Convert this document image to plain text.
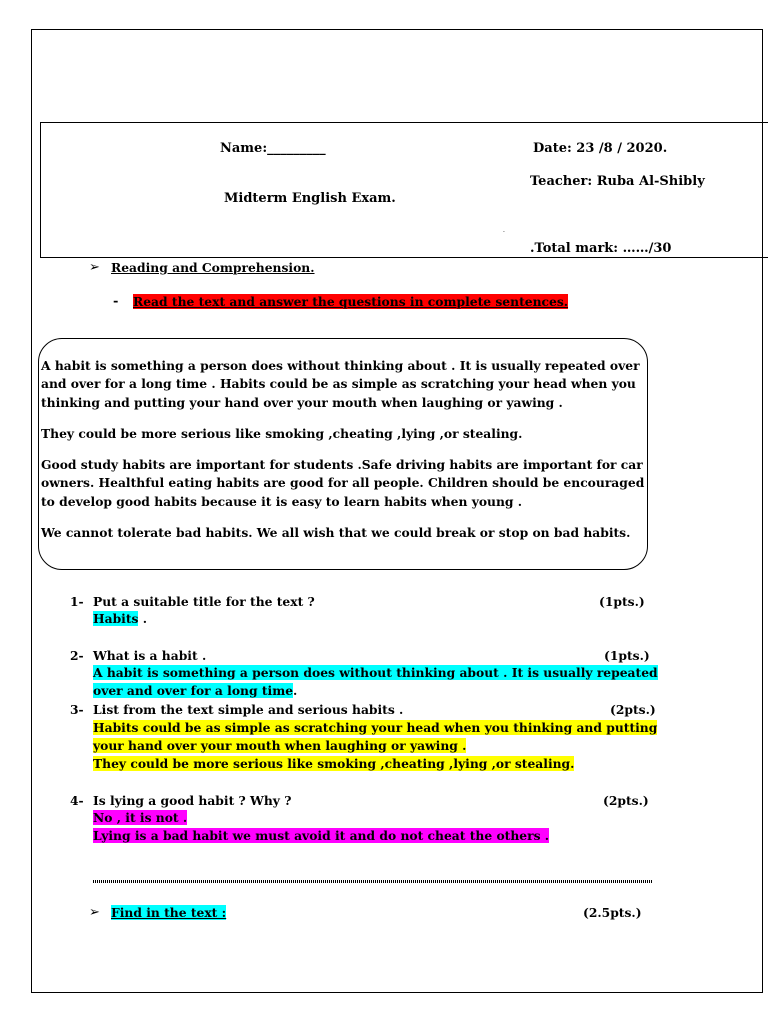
Name:_________
Midterm English Exam.
Date: 23 /8 / 2020.
Teacher: Ruba Al-Shibly
.
.Total mark: ……/30
➢ Reading and Comprehension.
- Read the text and answer the questions in complete sentences.

A habit is something a person does without thinking about . It is usually repeated over and over for a long time . Habits could be as simple as scratching your head when you thinking and putting your hand over your mouth when laughing or yawing .

They could be more serious like smoking ,cheating ,lying ,or stealing.

Good study habits are important for students .Safe driving habits are important for car owners. Healthful eating habits are good for all people. Children should be encouraged to develop good habits because it is easy to learn habits when young .

We cannot tolerate bad habits. We all wish that we could break or stop on bad habits.

1- Put a suitable title for the text ?	(1pts.)
Habits .
2- What is a habit .	(1pts.)
A habit is something a person does without thinking about . It is usually repeated
over and over for a long time.
3- List from the text simple and serious habits .	(2pts.)
Habits could be as simple as scratching your head when you thinking and putting
your hand over your mouth when laughing or yawing .
They could be more serious like smoking ,cheating ,lying ,or stealing.
4- Is lying a good habit ? Why ?	(2pts.)
No , it is not .
Lying is a bad habit we must avoid it and do not cheat the others .
➢ Find in the text :	(2.5pts.)
